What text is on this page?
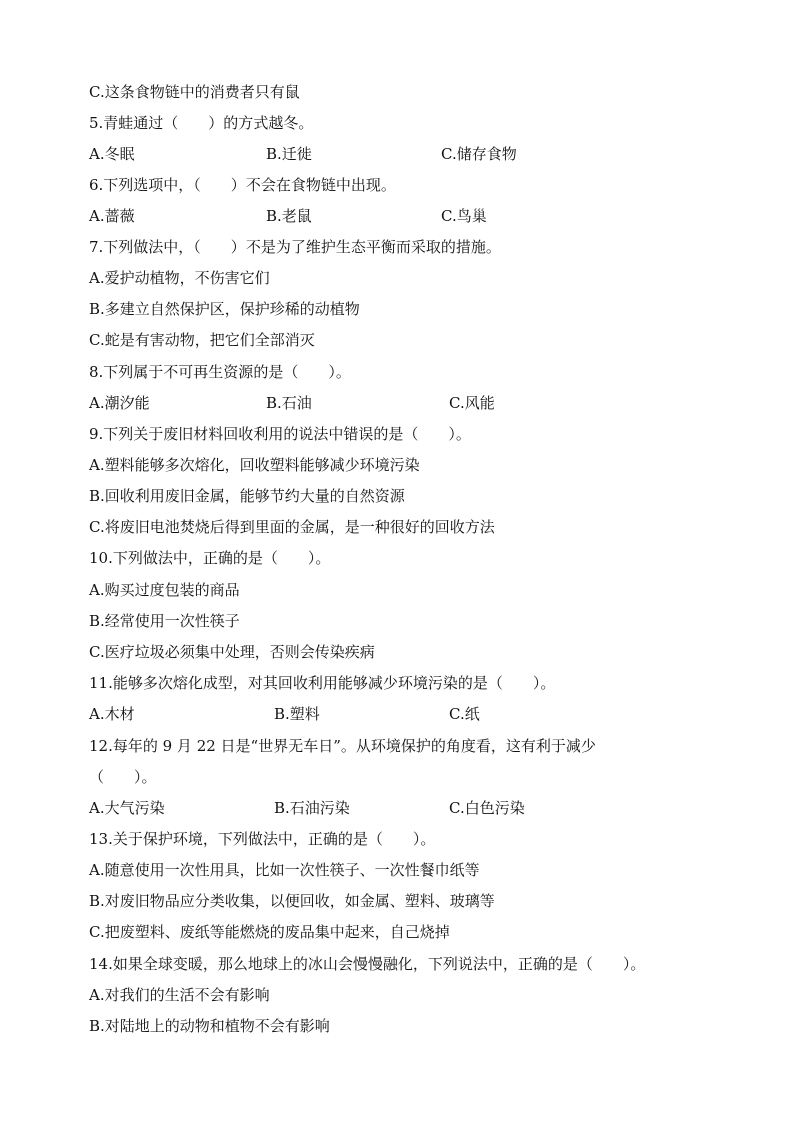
C.这条食物链中的消费者只有鼠
5.青蛙通过（　　）的方式越冬。
A.冬眠	B.迁徙	C.储存食物
6.下列选项中，（　　）不会在食物链中出现。
A.蔷薇	B.老鼠	C.鸟巢
7.下列做法中，（　　）不是为了维护生态平衡而采取的措施。
A.爱护动植物，不伤害它们
B.多建立自然保护区，保护珍稀的动植物
C.蛇是有害动物，把它们全部消灭
8.下列属于不可再生资源的是（　　）。
A.潮汐能	B.石油	C.风能
9.下列关于废旧材料回收利用的说法中错误的是（　　）。
A.塑料能够多次熔化，回收塑料能够减少环境污染
B.回收利用废旧金属，能够节约大量的自然资源
C.将废旧电池焚烧后得到里面的金属，是一种很好的回收方法
10.下列做法中，正确的是（　　）。
A.购买过度包装的商品
B.经常使用一次性筷子
C.医疗垃圾必须集中处理，否则会传染疾病
11.能够多次熔化成型，对其回收利用能够减少环境污染的是（　　）。
A.木材	B.塑料	C.纸
12.每年的 9 月 22 日是“世界无车日”。从环境保护的角度看，这有利于减少
（　　）。
A.大气污染	B.石油污染	C.白色污染
13.关于保护环境，下列做法中，正确的是（　　）。
A.随意使用一次性用具，比如一次性筷子、一次性餐巾纸等
B.对废旧物品应分类收集，以便回收，如金属、塑料、玻璃等
C.把废塑料、废纸等能燃烧的废品集中起来，自己烧掉
14.如果全球变暖，那么地球上的冰山会慢慢融化，下列说法中，正确的是（　　）。
A.对我们的生活不会有影响
B.对陆地上的动物和植物不会有影响
